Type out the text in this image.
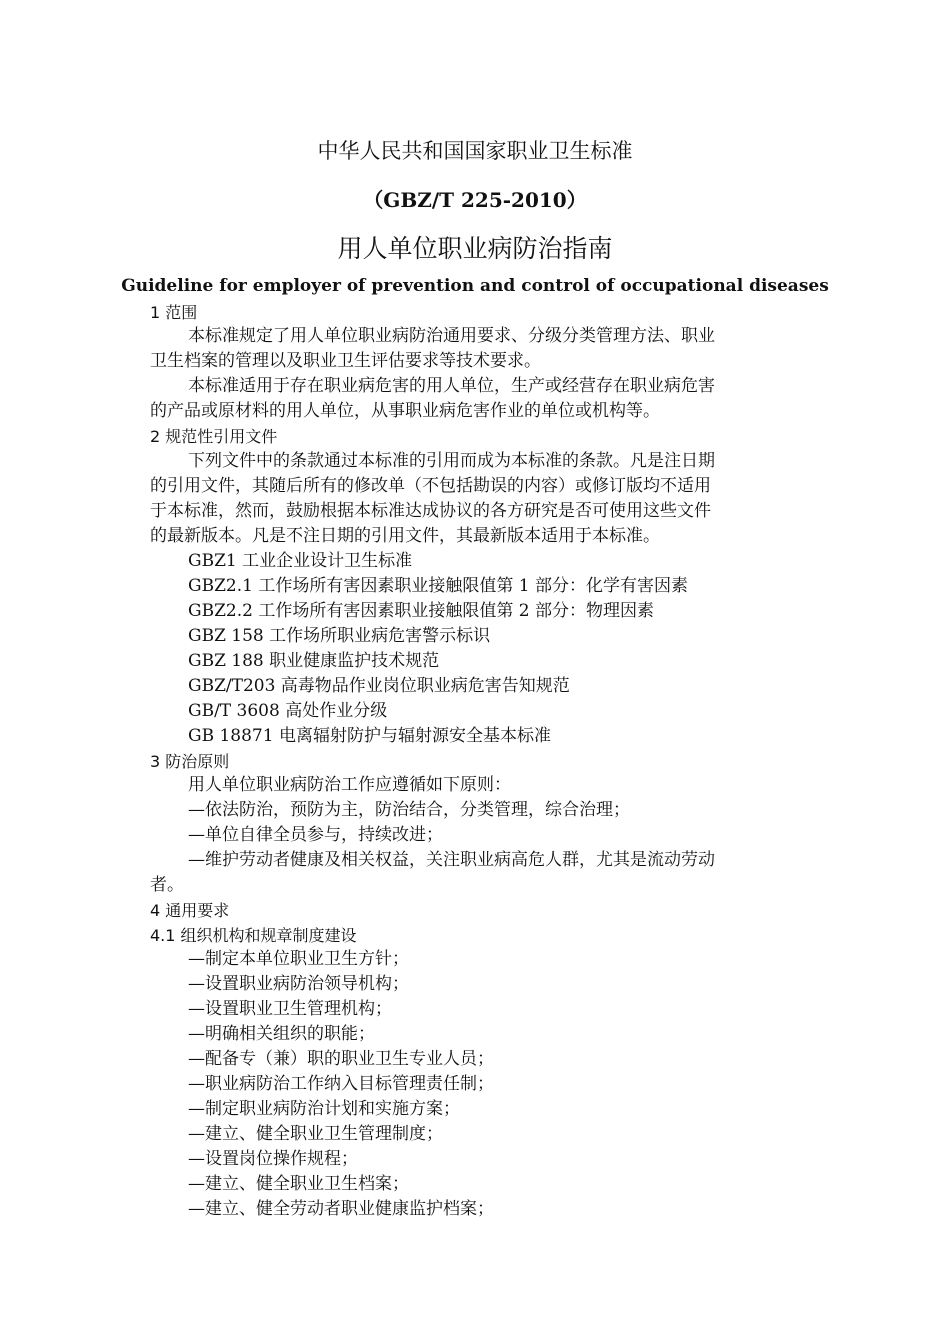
中华人民共和国国家职业卫生标准
（GBZ/T 225-2010）
用人单位职业病防治指南
Guideline for employer of prevention and control of occupational diseases
1 范围
本标准规定了用人单位职业病防治通用要求、分级分类管理方法、职业
卫生档案的管理以及职业卫生评估要求等技术要求。
本标准适用于存在职业病危害的用人单位，生产或经营存在职业病危害
的产品或原材料的用人单位，从事职业病危害作业的单位或机构等。
2 规范性引用文件
下列文件中的条款通过本标准的引用而成为本标准的条款。凡是注日期
的引用文件，其随后所有的修改单（不包括勘误的内容）或修订版均不适用
于本标准，然而，鼓励根据本标准达成协议的各方研究是否可使用这些文件
的最新版本。凡是不注日期的引用文件，其最新版本适用于本标准。
GBZ1 工业企业设计卫生标准
GBZ2.1 工作场所有害因素职业接触限值第 1 部分：化学有害因素
GBZ2.2 工作场所有害因素职业接触限值第 2 部分：物理因素
GBZ 158 工作场所职业病危害警示标识
GBZ 188 职业健康监护技术规范
GBZ/T203 高毒物品作业岗位职业病危害告知规范
GB/T 3608 高处作业分级
GB 18871 电离辐射防护与辐射源安全基本标准
3 防治原则
用人单位职业病防治工作应遵循如下原则：
—依法防治，预防为主，防治结合，分类管理，综合治理；
—单位自律全员参与，持续改进；
—维护劳动者健康及相关权益，关注职业病高危人群，尤其是流动劳动
者。
4 通用要求
4.1 组织机构和规章制度建设
—制定本单位职业卫生方针；
—设置职业病防治领导机构；
—设置职业卫生管理机构；
—明确相关组织的职能；
—配备专（兼）职的职业卫生专业人员；
—职业病防治工作纳入目标管理责任制；
—制定职业病防治计划和实施方案；
—建立、健全职业卫生管理制度；
—设置岗位操作规程；
—建立、健全职业卫生档案；
—建立、健全劳动者职业健康监护档案；
